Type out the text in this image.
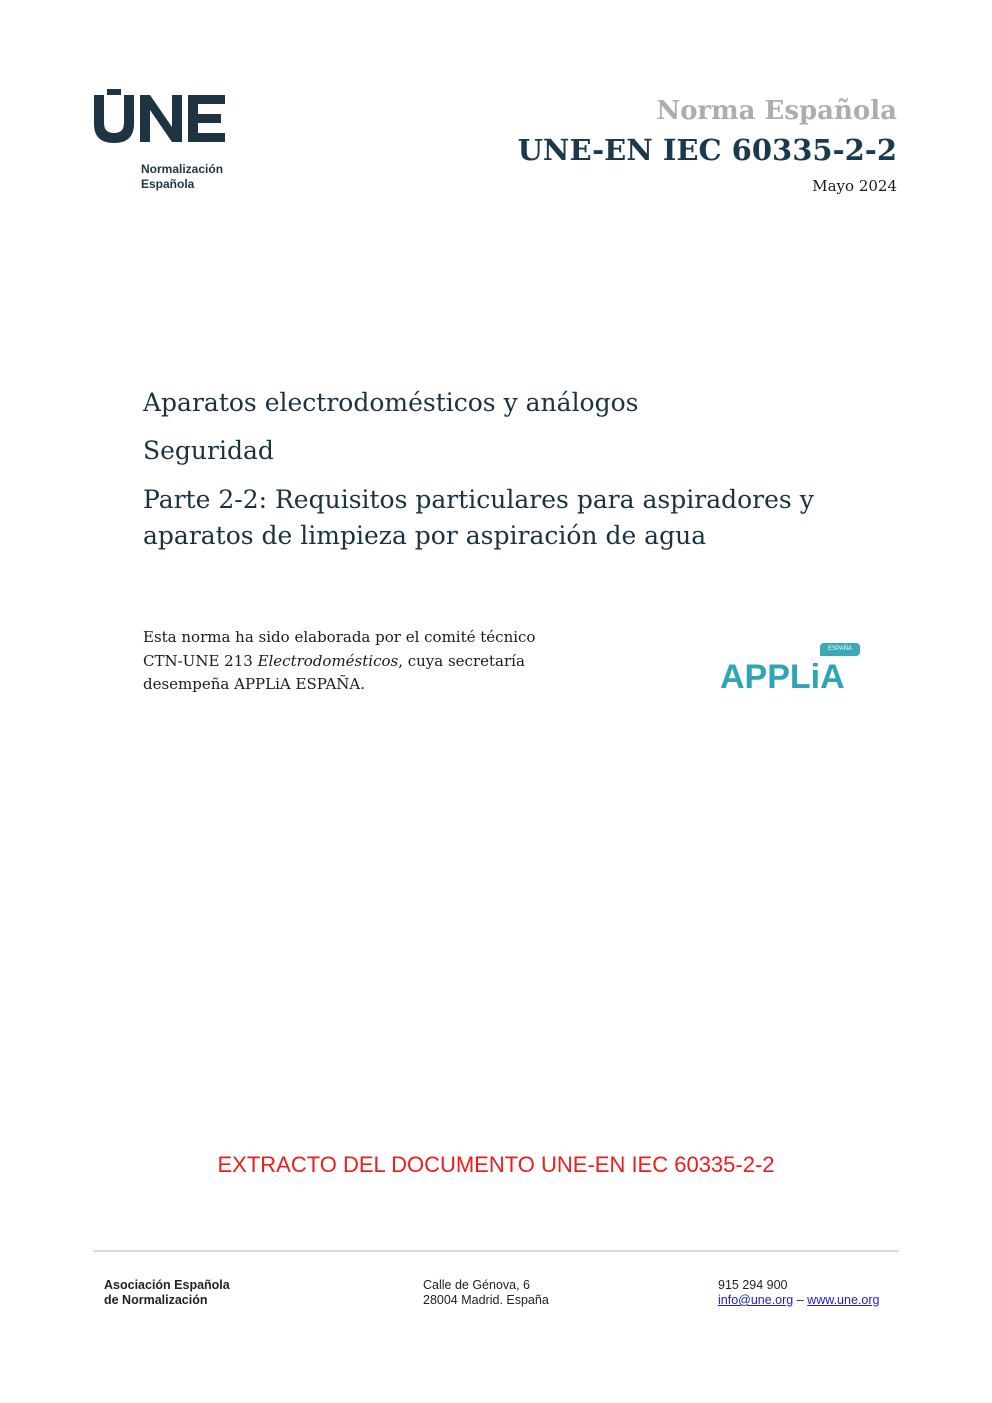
Normalización
Española
Norma Española
UNE-EN IEC 60335-2-2
Mayo 2024
Aparatos electrodomésticos y análogos
Seguridad
Parte 2-2: Requisitos particulares para aspiradores y
aparatos de limpieza por aspiración de agua
Esta norma ha sido elaborada por el comité técnico
CTN-UNE 213 Electrodomésticos, cuya secretaría
desempeña APPLiA ESPAÑA.
ESPAÑA
APPLiA
EXTRACTO DEL DOCUMENTO UNE-EN IEC 60335-2-2
Asociación Española
de Normalización
Calle de Génova, 6
28004 Madrid. España
915 294 900
info@une.org – www.une.org
